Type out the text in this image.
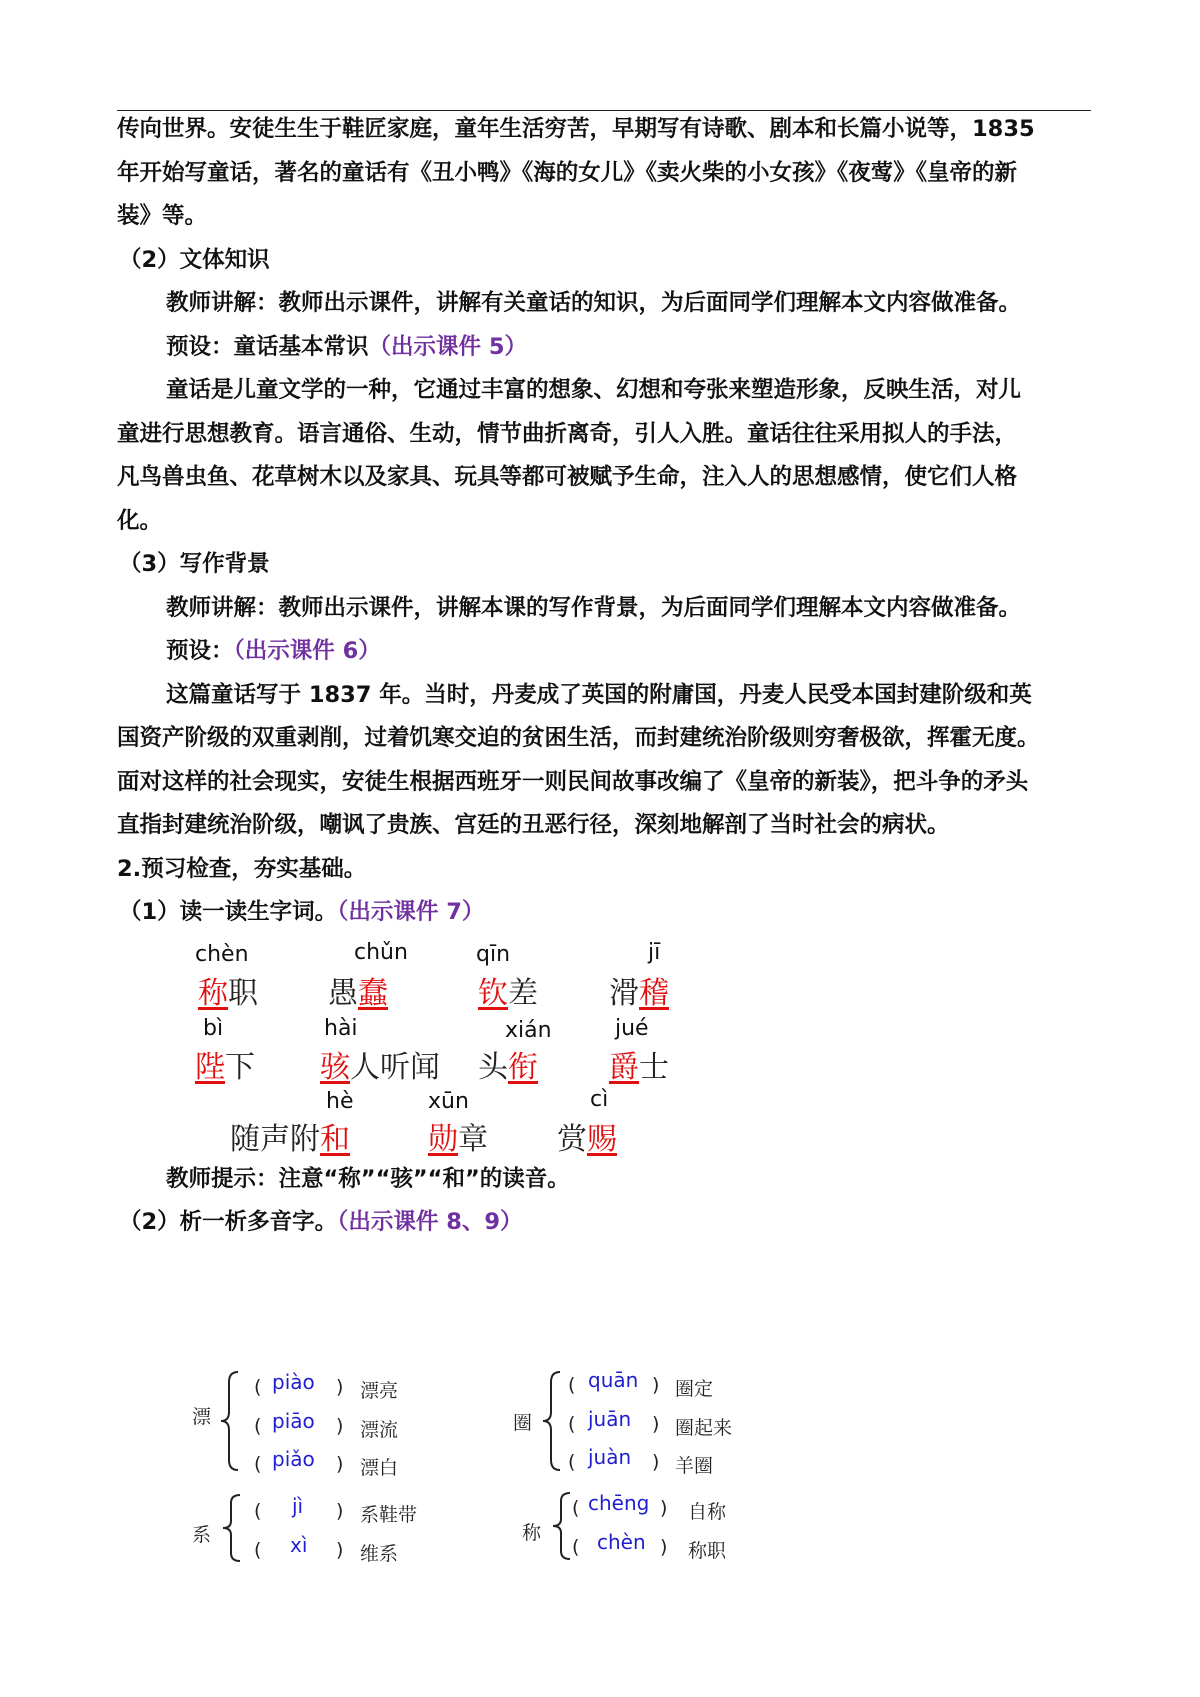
传向世界。安徒生生于鞋匠家庭，童年生活穷苦，早期写有诗歌、剧本和长篇小说等，1835
年开始写童话，著名的童话有《丑小鸭》《海的女儿》《卖火柴的小女孩》《夜莺》《皇帝的新
装》等。
（2）文体知识
教师讲解：教师出示课件，讲解有关童话的知识，为后面同学们理解本文内容做准备。
预设：童话基本常识（出示课件 5）
童话是儿童文学的一种，它通过丰富的想象、幻想和夸张来塑造形象，反映生活，对儿
童进行思想教育。语言通俗、生动，情节曲折离奇，引人入胜。童话往往采用拟人的手法，
凡鸟兽虫鱼、花草树木以及家具、玩具等都可被赋予生命，注入人的思想感情，使它们人格
化。
（3）写作背景
教师讲解：教师出示课件，讲解本课的写作背景，为后面同学们理解本文内容做准备。
预设：（出示课件 6）
这篇童话写于 1837 年。当时，丹麦成了英国的附庸国，丹麦人民受本国封建阶级和英
国资产阶级的双重剥削，过着饥寒交迫的贫困生活，而封建统治阶级则穷奢极欲，挥霍无度。
面对这样的社会现实，安徒生根据西班牙一则民间故事改编了《皇帝的新装》，把斗争的矛头
直指封建统治阶级，嘲讽了贵族、宫廷的丑恶行径，深刻地解剖了当时社会的病状。
2.预习检查，夯实基础。
（1）读一读生字词。（出示课件 7）
chèn
称职
chǔn
愚蠢
qīn
钦差
jī
滑稽
bì
陛下
hài
骇人听闻
xián
头衔
jué
爵士
hè
随声附和
xūn
勋章
cì
赏赐
教师提示：注意“称”“骇”“和”的读音。
（2）析一析多音字。（出示课件 8、9）
漂
( piào ) 漂亮
( piāo ) 漂流
( piǎo ) 漂白
圈
( quān ) 圈定
( juān ) 圈起来
( juàn ) 羊圈
系
( jì ) 系鞋带
( xì ) 维系
称
( chēng ) 自称
( chèn ) 称职
